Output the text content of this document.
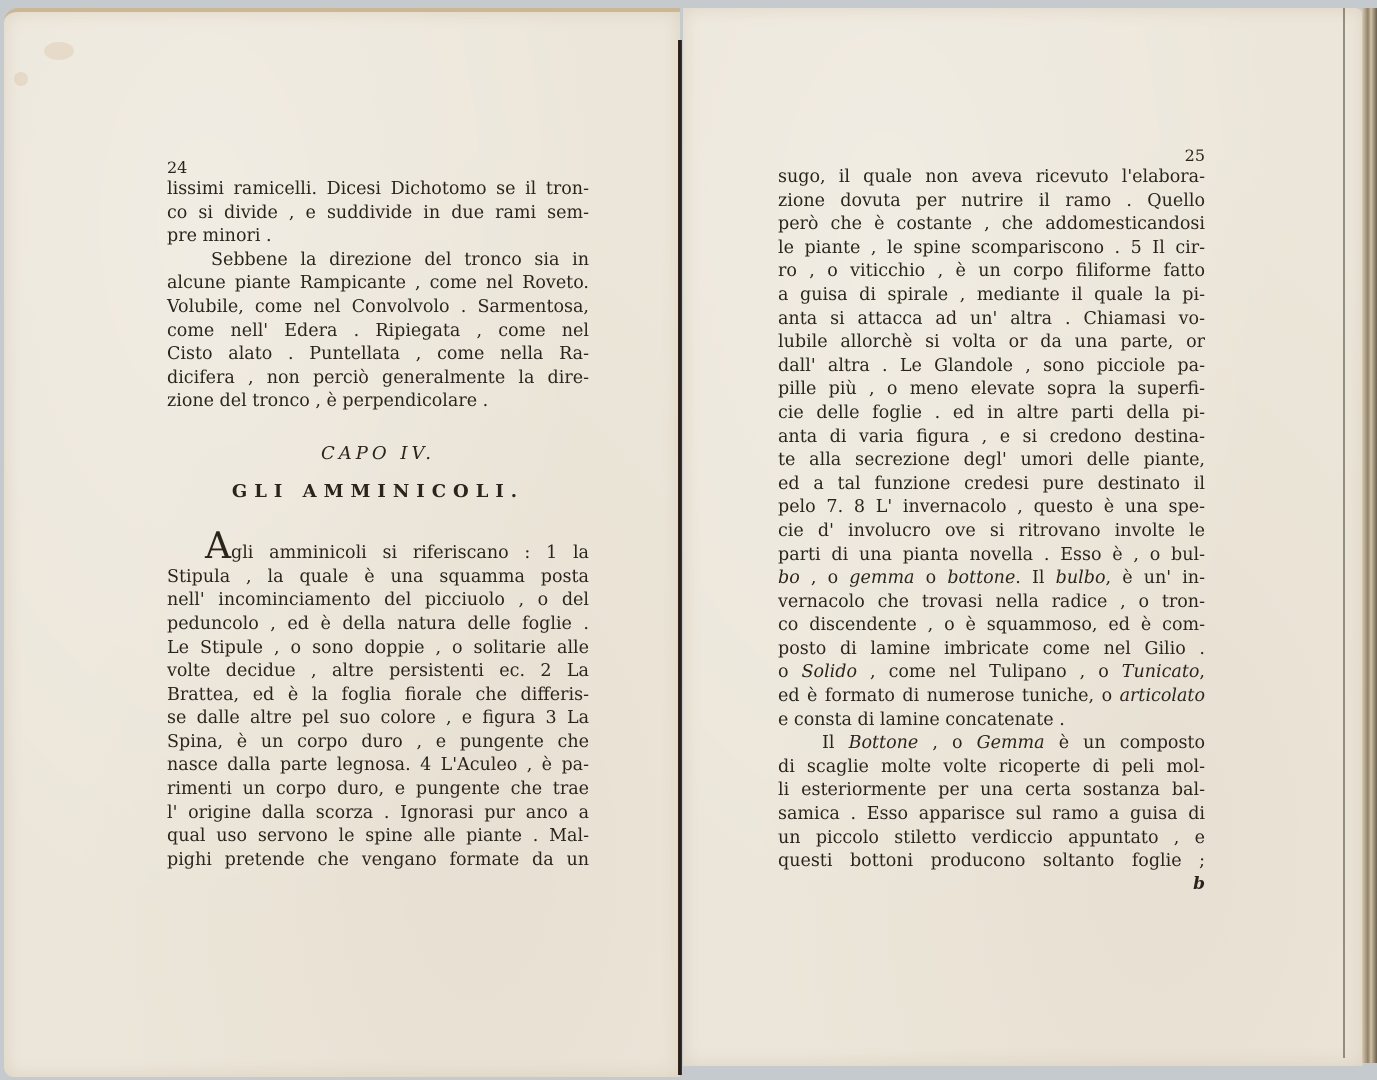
24
lissimi ramicelli. Dicesi Dichotomo se il tron-
co si divide , e suddivide in due rami sem-
pre minori .
Sebbene la direzione del tronco sia in
alcune piante Rampicante , come nel Roveto.
Volubile, come nel Convolvolo . Sarmentosa,
come nell' Edera . Ripiegata , come nel
Cisto alato . Puntellata , come nella Ra-
dicifera , non perciò generalmente la dire-
zione del tronco , è perpendicolare .
CAPO IV.
GLI AMMINICOLI.
Agli amminicoli si riferiscano : 1 la
Stipula , la quale è una squamma posta
nell' incominciamento del picciuolo , o del
peduncolo , ed è della natura delle foglie .
Le Stipule , o sono doppie , o solitarie alle
volte decidue , altre persistenti ec. 2 La
Brattea, ed è la foglia fiorale che differis-
se dalle altre pel suo colore , e figura 3 La
Spina, è un corpo duro , e pungente che
nasce dalla parte legnosa. 4 L'Aculeo , è pa-
rimenti un corpo duro, e pungente che trae
l' origine dalla scorza . Ignorasi pur anco a
qual uso servono le spine alle piante . Mal-
pighi pretende che vengano formate da un
25
sugo, il quale non aveva ricevuto l'elabora-
zione dovuta per nutrire il ramo . Quello
però che è costante , che addomesticandosi
le piante , le spine scompariscono . 5 Il cir-
ro , o viticchio , è un corpo filiforme fatto
a guisa di spirale , mediante il quale la pi-
anta si attacca ad un' altra . Chiamasi vo-
lubile allorchè si volta or da una parte, or
dall' altra . Le Glandole , sono picciole pa-
pille più , o meno elevate sopra la superfi-
cie delle foglie . ed in altre parti della pi-
anta di varia figura , e si credono destina-
te alla secrezione degl' umori delle piante,
ed a tal funzione credesi pure destinato il
pelo 7. 8 L' invernacolo , questo è una spe-
cie d' involucro ove si ritrovano involte le
parti di una pianta novella . Esso è , o bul-
bo , o gemma o bottone. Il bulbo, è un' in-
vernacolo che trovasi nella radice , o tron-
co discendente , o è squammoso, ed è com-
posto di lamine imbricate come nel Gilio .
o Solido , come nel Tulipano , o Tunicato,
ed è formato di numerose tuniche, o articolato
e consta di lamine concatenate .
Il Bottone , o Gemma è un composto
di scaglie molte volte ricoperte di peli mol-
li esteriormente per una certa sostanza bal-
samica . Esso apparisce sul ramo a guisa di
un piccolo stiletto verdiccio appuntato , e
questi bottoni producono soltanto foglie ;
b
